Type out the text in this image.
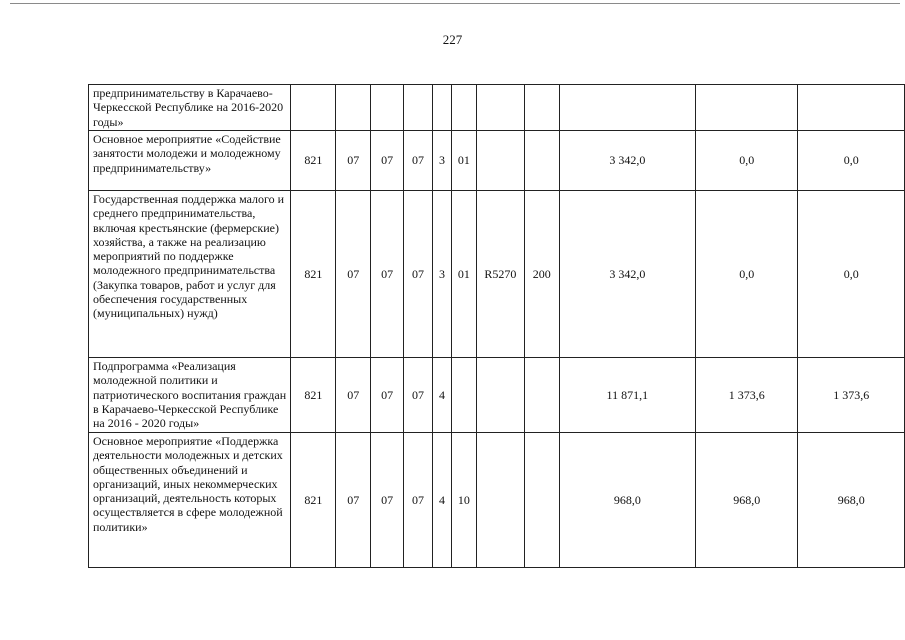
227
предпринимательству в Карачаево-Черкесской Республике на 2016-2020 годы»											
Основное мероприятие «Содействие занятости молодежи и молодежному предпринимательству»	821	07	07	07	3	01			3 342,0	0,0	0,0
Государственная поддержка малого и среднего предпринимательства, включая крестьянские (фермерские) хозяйства, а также на реализацию мероприятий по поддержке молодежного предпринимательства (Закупка товаров, работ и услуг для обеспечения государственных (муниципальных) нужд)	821	07	07	07	3	01	R5270	200	3 342,0	0,0	0,0
Подпрограмма «Реализация молодежной политики и патриотического воспитания граждан в Карачаево-Черкесской Республике на 2016 - 2020 годы»	821	07	07	07	4				11 871,1	1 373,6	1 373,6
Основное мероприятие «Поддержка деятельности молодежных и детских общественных объединений и организаций, иных некоммерческих организаций, деятельность которых осуществляется в сфере молодежной политики»	821	07	07	07	4	10			968,0	968,0	968,0
